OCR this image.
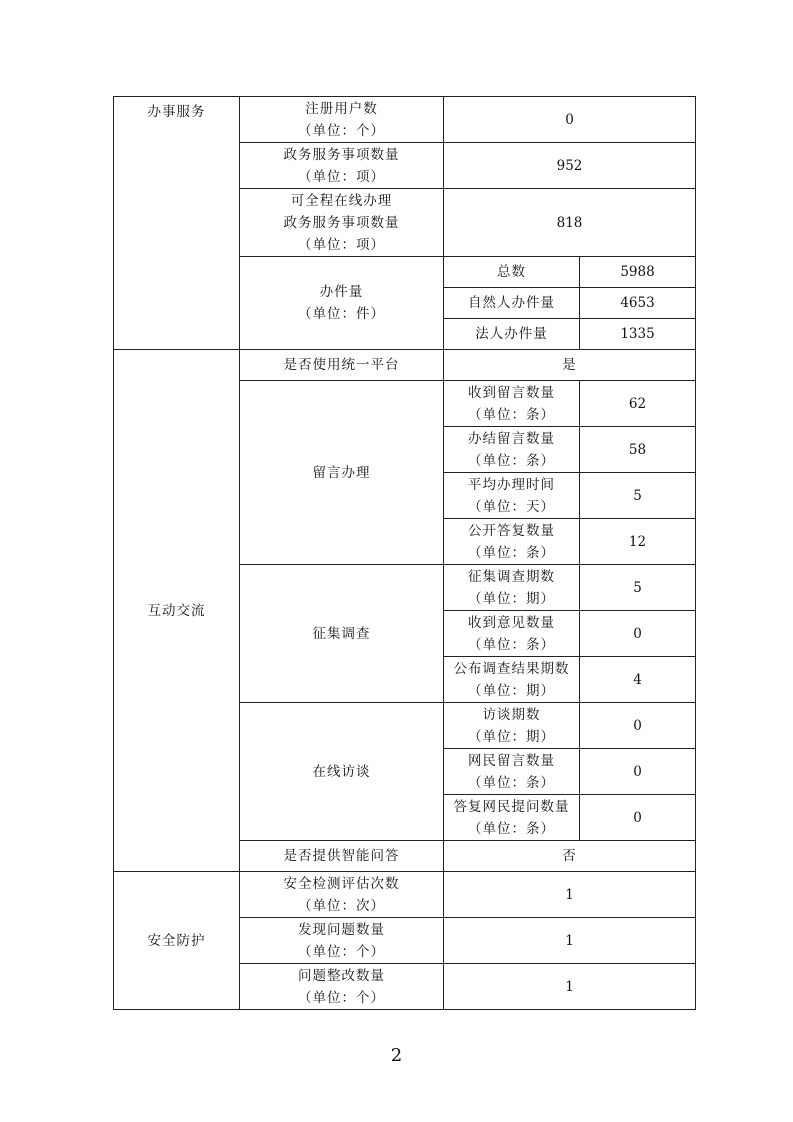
办事服务	注册用户数
（单位：个）	0	

	政务服务事项数量
（单位：项）	952	

	可全程在线办理
政务服务事项数量
（单位：项）	818	

	办件量
（单位：件）	总数	5988
		自然人办件量	4653
		法人办件量	1335
互动交流	是否使用统一平台	是	
	留言办理	收到留言数量
（单位：条）	62

		办结留言数量
（单位：条）	58

		平均办理时间
（单位：天）	5

		公开答复数量
（单位：条）	12
	征集调查	征集调查期数
（单位：期）	5

		收到意见数量
（单位：条）	0

		公布调查结果期数
（单位：期）	4
	在线访谈	访谈期数
（单位：期）	0

		网民留言数量
（单位：条）	0

		答复网民提问数量
（单位：条）	0
	是否提供智能问答	否	
安全防护	安全检测评估次数
（单位：次）	1	

	发现问题数量
（单位：个）	1	

	问题整改数量
（单位：个）	1	
2
